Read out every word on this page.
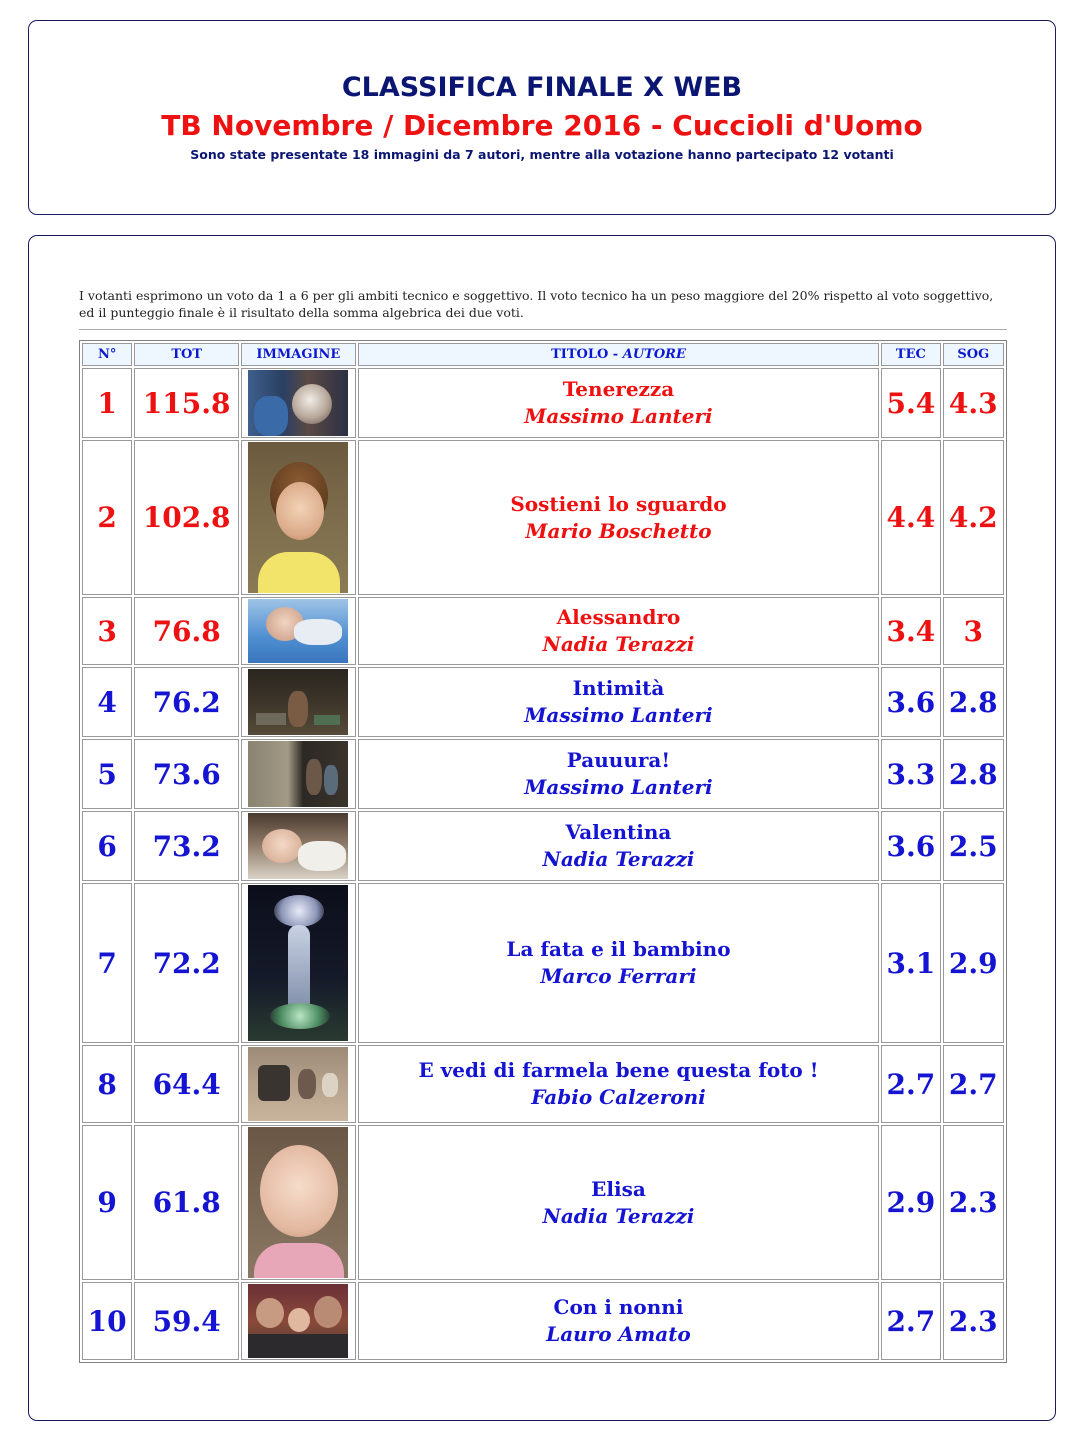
CLASSIFICA FINALE X WEB
TB Novembre / Dicembre 2016 - Cuccioli d'Uomo
Sono state presentate 18 immagini da 7 autori, mentre alla votazione hanno partecipato 12 votanti

I votanti esprimono un voto da 1 a 6 per gli ambiti tecnico e soggettivo. Il voto tecnico ha un peso maggiore del 20% rispetto al voto soggettivo, ed il punteggio finale è il risultato della somma algebrica dei due voti.

N°	TOT	IMMAGINE	TITOLO - AUTORE	TEC	SOG
1	115.8		Tenerezza
Massimo Lanteri	5.4	4.3
2	102.8		Sostieni lo sguardo
Mario Boschetto	4.4	4.2
3	76.8		Alessandro
Nadia Terazzi	3.4	3
4	76.2		Intimità
Massimo Lanteri	3.6	2.8
5	73.6		Pauuura!
Massimo Lanteri	3.3	2.8
6	73.2		Valentina
Nadia Terazzi	3.6	2.5
7	72.2		La fata e il bambino
Marco Ferrari	3.1	2.9
8	64.4		E vedi di farmela bene questa foto !
Fabio Calzeroni	2.7	2.7
9	61.8		Elisa
Nadia Terazzi	2.9	2.3
10	59.4		Con i nonni
Lauro Amato	2.7	2.3
